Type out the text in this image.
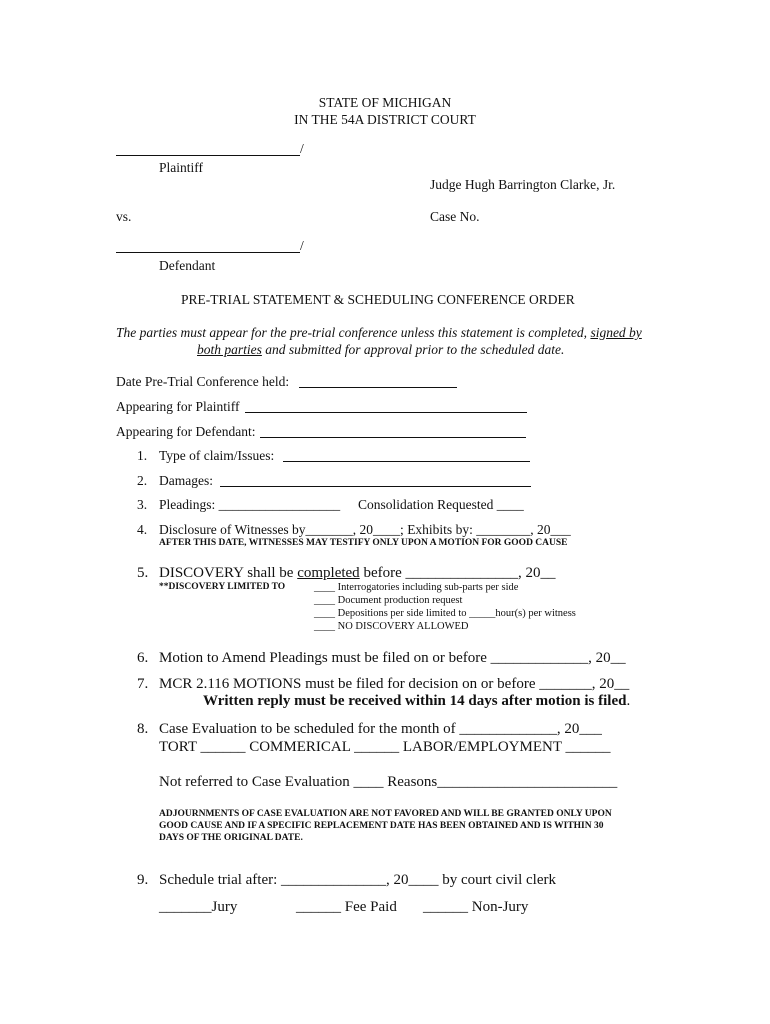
STATE OF MICHIGAN
IN THE 54A DISTRICT COURT
/
Plaintiff
Judge Hugh Barrington Clarke, Jr.
vs.	Case No.
/
Defendant
PRE-TRIAL STATEMENT & SCHEDULING CONFERENCE ORDER
The parties must appear for the pre-trial conference unless this statement is completed, signed by
both parties and submitted for approval prior to the scheduled date.
Date Pre-Trial Conference held:
Appearing for Plaintiff
Appearing for Defendant:
1. Type of claim/Issues:
2. Damages:
3. Pleadings: __________________ Consolidation Requested ____
4. Disclosure of Witnesses by_______, 20____; Exhibits by: ________, 20___
AFTER THIS DATE, WITNESSES MAY TESTIFY ONLY UPON A MOTION FOR GOOD CAUSE
5. DISCOVERY shall be completed before _______________, 20__
**DISCOVERY LIMITED TO	____ Interrogatories including sub-parts per side
____ Document production request
____ Depositions per side limited to _____hour(s) per witness
____ NO DISCOVERY ALLOWED
6. Motion to Amend Pleadings must be filed on or before _____________, 20__
7. MCR 2.116 MOTIONS must be filed for decision on or before _______, 20__
Written reply must be received within 14 days after motion is filed.
8. Case Evaluation to be scheduled for the month of _____________, 20___
TORT ______ COMMERICAL ______ LABOR/EMPLOYMENT ______
Not referred to Case Evaluation ____ Reasons________________________
ADJOURNMENTS OF CASE EVALUATION ARE NOT FAVORED AND WILL BE GRANTED ONLY UPON
GOOD CAUSE AND IF A SPECIFIC REPLACEMENT DATE HAS BEEN OBTAINED AND IS WITHIN 30
DAYS OF THE ORIGINAL DATE.
9. Schedule trial after: ______________, 20____ by court civil clerk
_______Jury	______ Fee Paid ______ Non-Jury
